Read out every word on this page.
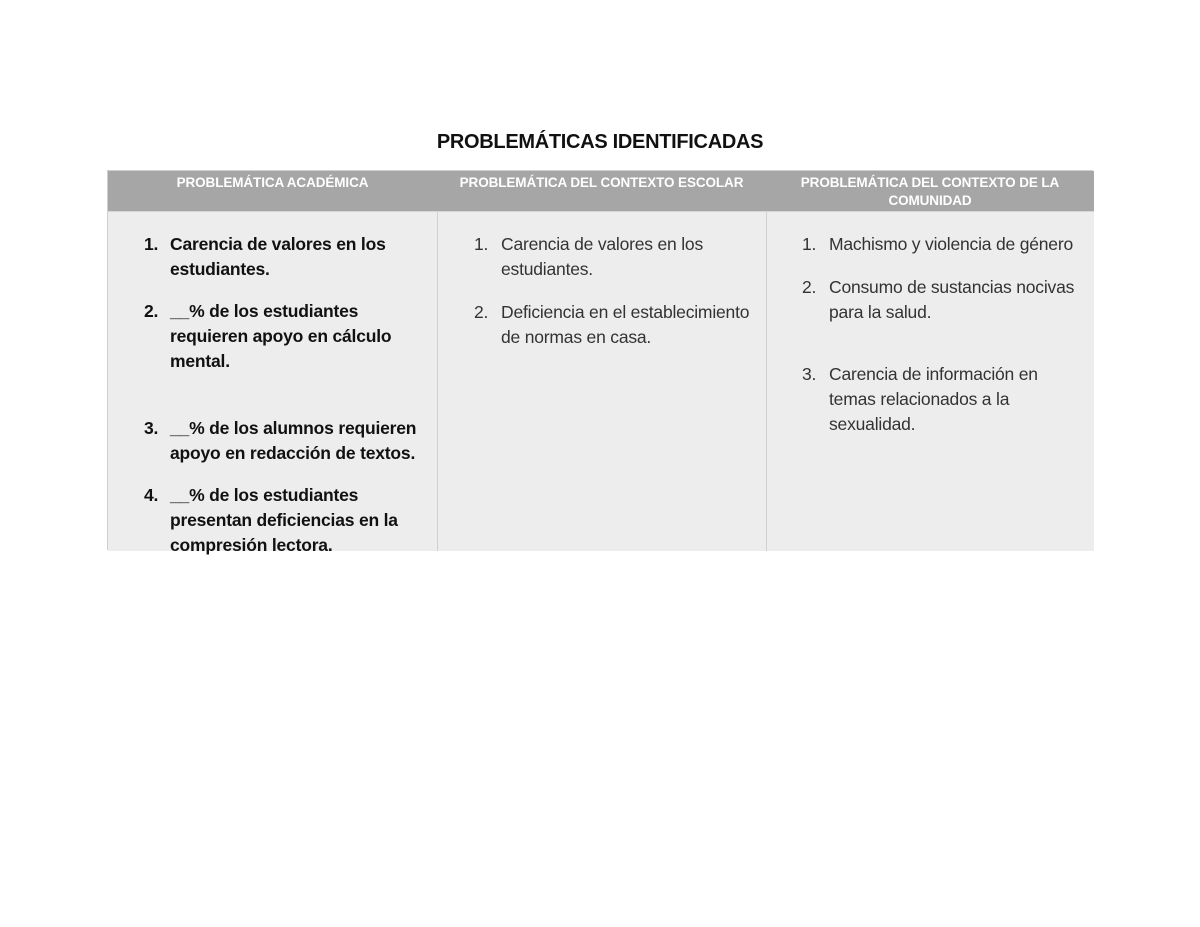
PROBLEMÁTICAS IDENTIFICADAS
PROBLEMÁTICA ACADÉMICA	PROBLEMÁTICA DEL CONTEXTO ESCOLAR	PROBLEMÁTICA DEL CONTEXTO DE LA COMUNIDAD
1. Carencia de valores en los estudiantes.
2. __% de los estudiantes requieren apoyo en cálculo mental.
3. __% de los alumnos requieren apoyo en redacción de textos.
4. __% de los estudiantes presentan deficiencias en la compresión lectora.
1. Carencia de valores en los estudiantes.
2. Deficiencia en el establecimiento de normas en casa.
1. Machismo y violencia de género
2. Consumo de sustancias nocivas para la salud.
3. Carencia de información en temas relacionados a la sexualidad.
